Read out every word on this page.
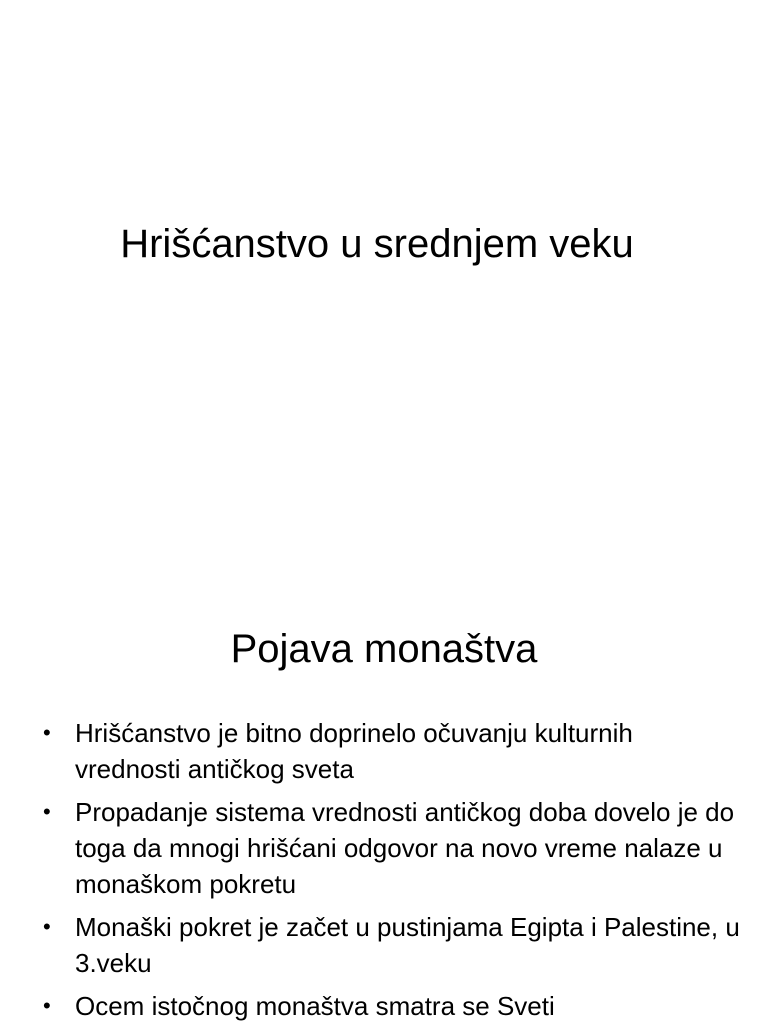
Hrišćanstvo u srednjem veku
Pojava monaštva
• Hrišćanstvo je bitno doprinelo očuvanju kulturnih vrednosti antičkog sveta
• Propadanje sistema vrednosti antičkog doba dovelo je do toga da mnogi hrišćani odgovor na novo vreme nalaze u monaškom pokretu
• Monaški pokret je začet u pustinjama Egipta i Palestine, u 3.veku
• Ocem istočnog monaštva smatra se Sveti
